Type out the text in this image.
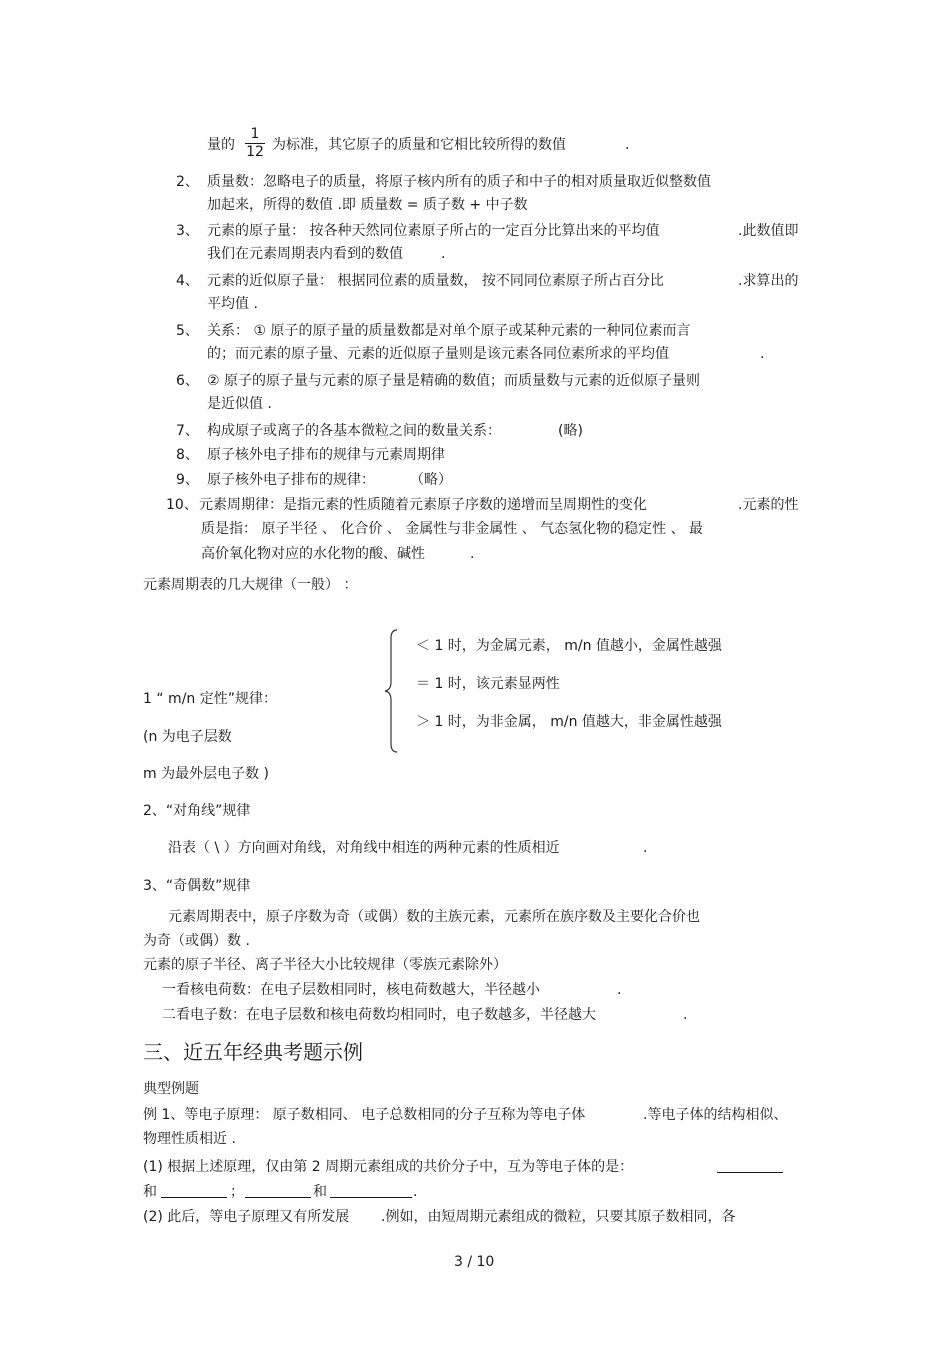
量的
1
12 为标准，其它原子的质量和它相比较所得的数值	.
2、 质量数：忽略电子的质量，将原子核内所有的质子和中子的相对质量取近似整数值
加起来，所得的数值 .即 质量数 = 质子数 + 中子数
3、 元素的原子量： 按各种天然同位素原子所占的一定百分比算出来的平均值	.此数值即
我们在元素周期表内看到的数值	.
4、 元素的近似原子量： 根据同位素的质量数， 按不同同位素原子所占百分比	.求算出的
平均值 .
5、 关系： ① 原子的原子量的质量数都是对单个原子或某种元素的一种同位素而言
的；而元素的原子量、元素的近似原子量则是该元素各同位素所求的平均值	.
6、 ② 原子的原子量与元素的原子量是精确的数值；而质量数与元素的近似原子量则
是近似值 .
7、 构成原子或离子的各基本微粒之间的数量关系：	(略)
8、 原子核外电子排布的规律与元素周期律
9、 原子核外电子排布的规律：	（略）
10、 元素周期律：是指元素的性质随着元素原子序数的递增而呈周期性的变化	.元素的性
质是指： 原子半径 、 化合价 、 金属性与非金属性 、 气态氢化物的稳定性 、 最
高价氧化物对应的水化物的酸、碱性	.
元素周期表的几大规律（一般） ：
＜ 1 时，为金属元素， m/n 值越小，金属性越强
＝ 1 时，该元素显两性
＞ 1 时，为非金属， m/n 值越大，非金属性越强
1 “ m/n 定性”规律：
(n 为电子层数
m 为最外层电子数 )
2、“对角线”规律
沿表（ \ ）方向画对角线，对角线中相连的两种元素的性质相近	.
3、“奇偶数”规律
元素周期表中，原子序数为奇（或偶）数的主族元素，元素所在族序数及主要化合价也
为奇（或偶）数 .
元素的原子半径、离子半径大小比较规律（零族元素除外）
一看核电荷数：在电子层数相同时，核电荷数越大，半径越小	.
二看电子数：在电子层数和核电荷数均相同时，电子数越多，半径越大	.
三、近五年经典考题示例
典型例题
例 1、等电子原理： 原子数相同、 电子总数相同的分子互称为等电子体	.等电子体的结构相似、
物理性质相近 .
(1) 根据上述原理，仅由第 2 周期元素组成的共价分子中，互为等电子体的是：
和	；	和	.
(2) 此后，等电子原理又有所发展 .例如，由短周期元素组成的微粒，只要其原子数相同，各
3 / 10
